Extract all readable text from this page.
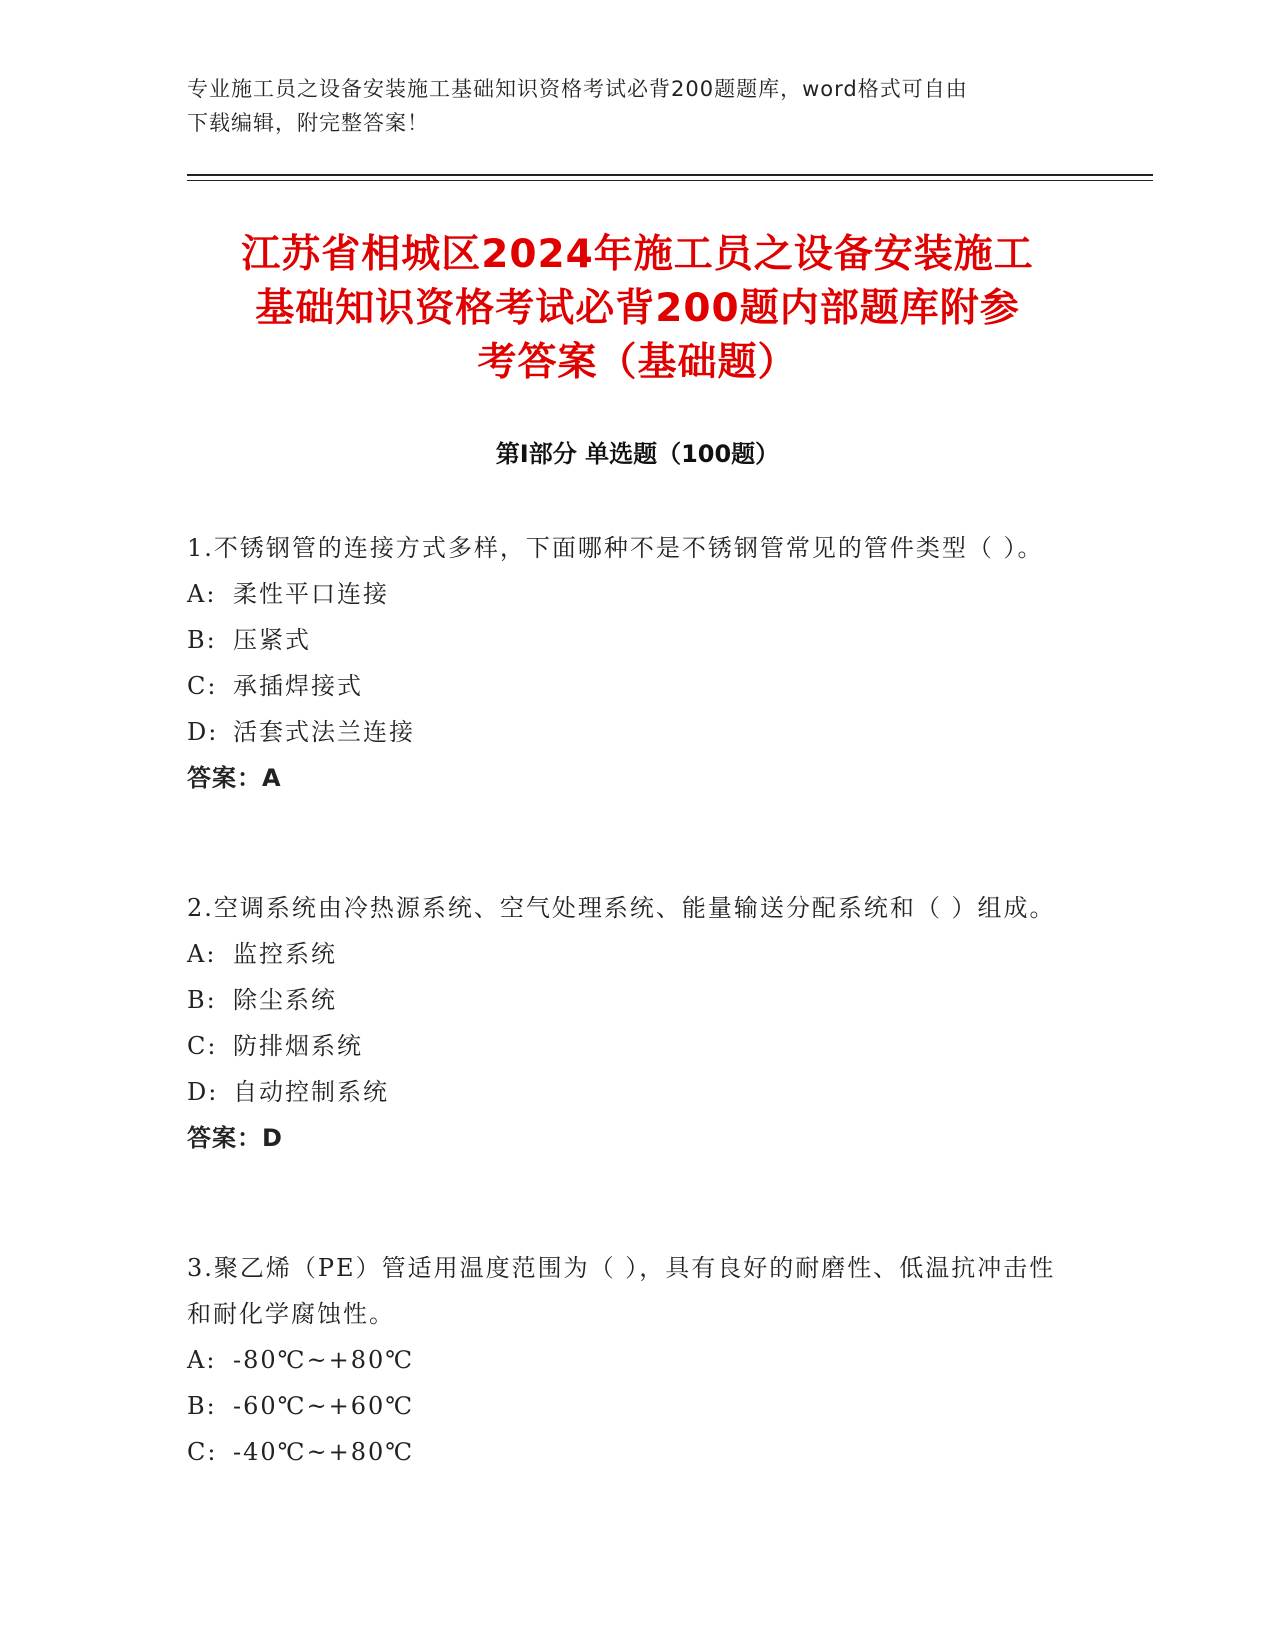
专业施工员之设备安装施工基础知识资格考试必背200题题库，word格式可自由
下载编辑，附完整答案！
江苏省相城区2024年施工员之设备安装施工
基础知识资格考试必背200题内部题库附参
考答案（基础题）
第Ⅰ部分 单选题（100题）
1.不锈钢管的连接方式多样，下面哪种不是不锈钢管常见的管件类型（ ）。
A: 柔性平口连接
B: 压紧式
C: 承插焊接式
D: 活套式法兰连接
答案：A
2.空调系统由冷热源系统、空气处理系统、能量输送分配系统和（ ）组成。
A: 监控系统
B: 除尘系统
C: 防排烟系统
D: 自动控制系统
答案：D
3.聚乙烯（PE）管适用温度范围为（ ），具有良好的耐磨性、低温抗冲击性和耐化学腐蚀性。
A: -80℃~+80℃
B: -60℃~+60℃
C: -40℃~+80℃
